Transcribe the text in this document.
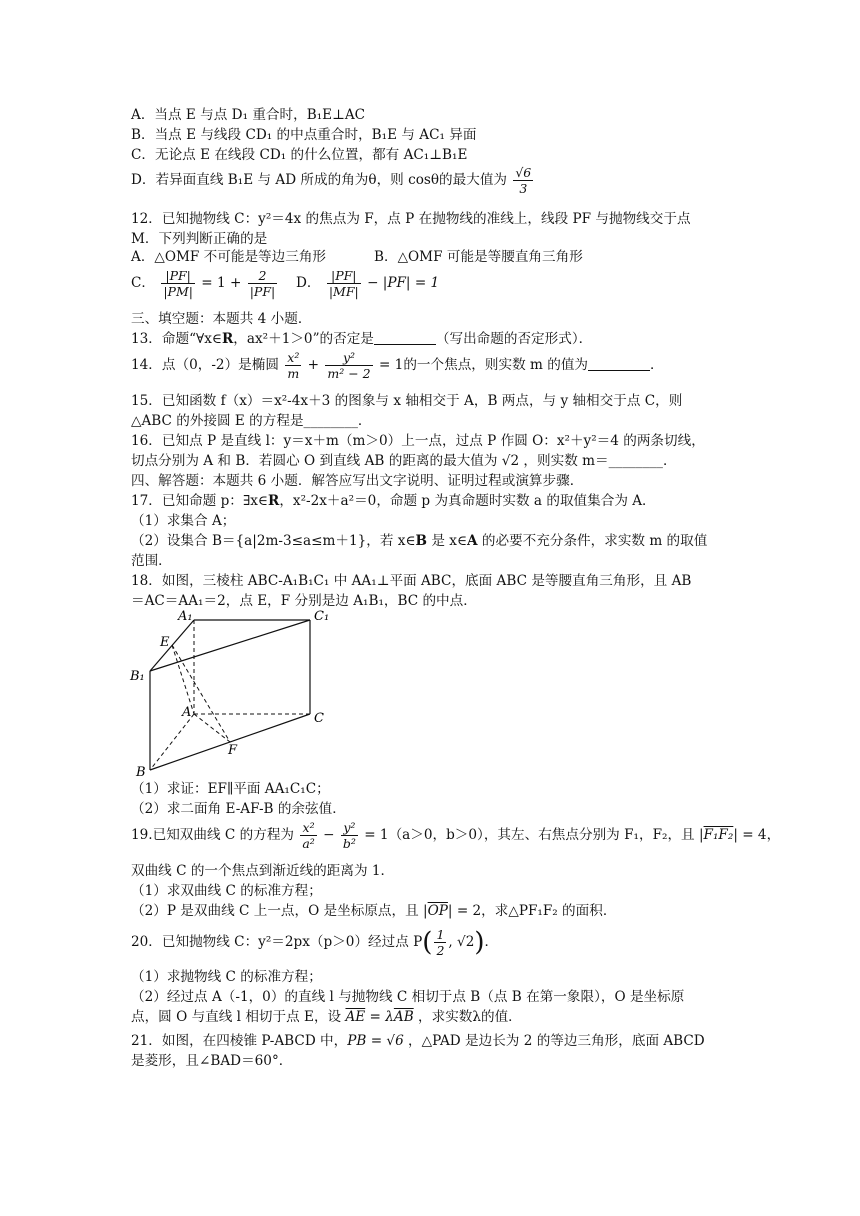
A．当点 E 与点 D₁ 重合时，B₁E⊥AC
B．当点 E 与线段 CD₁ 的中点重合时，B₁E 与 AC₁ 异面
C．无论点 E 在线段 CD₁ 的什么位置，都有 AC₁⊥B₁E
D．若异面直线 B₁E 与 AD 所成的角为θ，则 cosθ的最大值为 $\frac{√6}{3}$
12．已知抛物线 C：y²＝4x 的焦点为 F，点 P 在抛物线的准线上，线段 PF 与抛物线交于点
M．下列判断正确的是
A．△OMF 不可能是等边三角形	B．△OMF 可能是等腰直角三角形
C． $\frac{|PF|}{|PM|} = 1 + \frac{2}{|PF|}$ D． $\frac{|PF|}{|MF|} - |PF| = 1$
三、填空题：本题共 4 小题．
13．命题“∀x∈R，ax²＋1＞0”的否定是	（写出命题的否定形式）．
14．点（0，-2）是椭圆 $\frac{\text{x²}}{m} + \frac{\text{y²}}{\text{m² − 2}} = 1$的一个焦点，则实数 m 的值为	．
15．已知函数 f（x）＝x²-4x＋3 的图象与 x 轴相交于 A，B 两点，与 y 轴相交于点 C，则
△ABC 的外接圆 E 的方程是________．
16．已知点 P 是直线 l：y＝x＋m（m＞0）上一点，过点 P 作圆 O：x²＋y²＝4 的两条切线，
切点分别为 A 和 B．若圆心 O 到直线 AB 的距离的最大值为 √2 ，则实数 m＝________．
四、解答题：本题共 6 小题．解答应写出文字说明、证明过程或演算步骤．
17．已知命题 p：∃x∈R，x²-2x＋a²＝0，命题 p 为真命题时实数 a 的取值集合为 A．
（1）求集合 A；
（2）设集合 B＝{a|2m-3≤a≤m＋1}，若 x∈B 是 x∈A 的必要不充分条件，求实数 m 的取值
范围．
18．如图，三棱柱 ABC-A₁B₁C₁ 中 AA₁⊥平面 ABC，底面 ABC 是等腰直角三角形，且 AB
＝AC＝AA₁＝2，点 E，F 分别是边 A₁B₁，BC 的中点．
A₁	C₁
E
B₁
A	C
F
B
（1）求证：EF∥平面 AA₁C₁C；
（2）求二面角 E-AF-B 的余弦值．
19.已知双曲线 C 的方程为 $\frac{\text{x²}}{\text{a²}} - \frac{\text{y²}}{\text{b²}} = 1(a>0$，b＞0），其左、右焦点分别为 F₁，F₂，且 |F₁F₂| = 4，
双曲线 C 的一个焦点到渐近线的距离为 1．
（1）求双曲线 C 的标准方程；
（2）P 是双曲线 C 上一点，O 是坐标原点，且 $|\overline{OP}| = 2$，求△PF₁F₂ 的面积．
20．已知抛物线 C：y²＝2px（p＞0）经过点 $P( \frac{1}{2}$ , √2)．
（1）求抛物线 C 的标准方程；
（2）经过点 A（-1，0）的直线 l 与抛物线 C 相切于点 B（点 B 在第一象限），O 是坐标原
点，圆 O 与直线 l 相切于点 E，设 $\overline{AE} = \lambda\overline{AB}$ ，求实数λ的值．
21．如图，在四棱锥 P-ABCD 中，PB = √6 ，△PAD 是边长为 2 的等边三角形，底面 ABCD
是菱形，且∠BAD＝60°．
